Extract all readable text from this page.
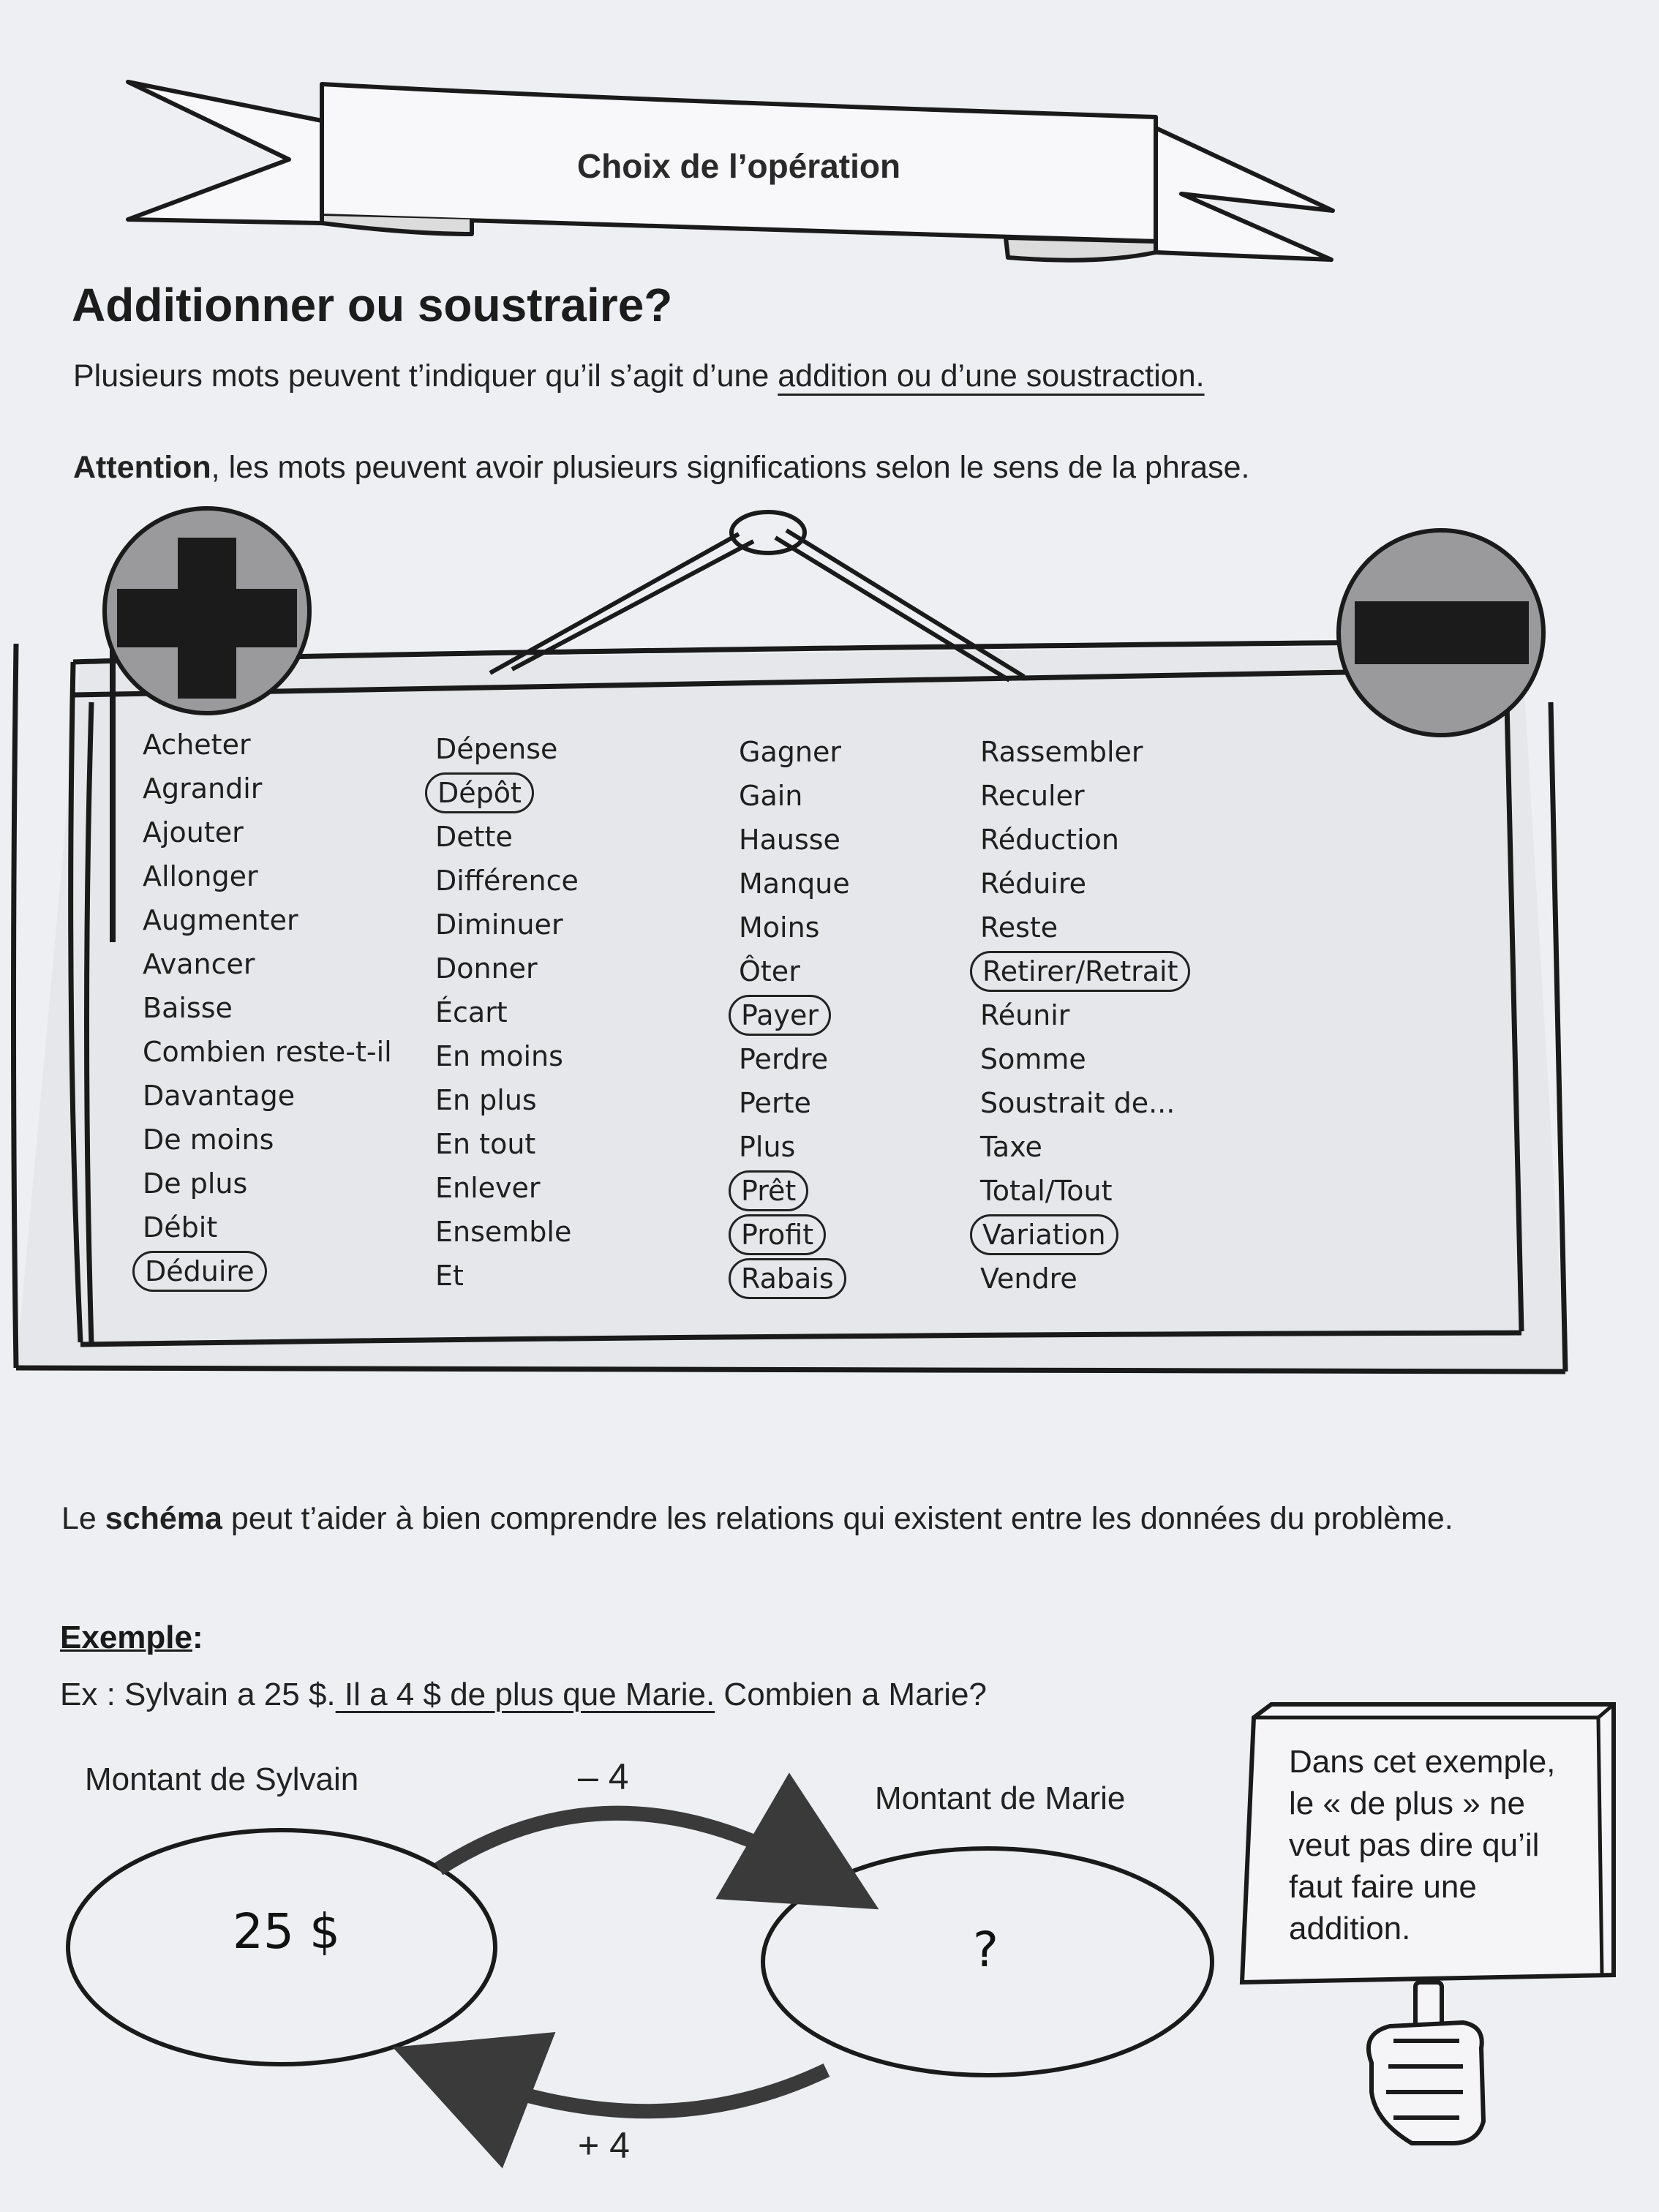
Choix de l’opération
Additionner ou soustraire?
Plusieurs mots peuvent t’indiquer qu’il s’agit d’une addition ou d’une soustraction.
Attention, les mots peuvent avoir plusieurs significations selon le sens de la phrase.
Acheter
Agrandir
Ajouter
Allonger
Augmenter
Avancer
Baisse
Combien reste-t-il
Davantage
De moins
De plus
Débit
Déduire
Dépense
Dépôt
Dette
Différence
Diminuer
Donner
Écart
En moins
En plus
En tout
Enlever
Ensemble
Et
Gagner
Gain
Hausse
Manque
Moins
Ôter
Payer
Perdre
Perte
Plus
Prêt
Profit
Rabais
Rassembler
Reculer
Réduction
Réduire
Reste
Retirer/Retrait
Réunir
Somme
Soustrait de...
Taxe
Total/Tout
Variation
Vendre
Le schéma peut t’aider à bien comprendre les relations qui existent entre les données du problème.
Exemple:
Ex : Sylvain a 25 $. Il a 4 $ de plus que Marie. Combien a Marie?
Montant de Sylvain
Montant de Marie
25 $	?
– 4
+ 4
Dans cet exemple, le « de plus » ne veut pas dire qu’il faut faire une addition.
